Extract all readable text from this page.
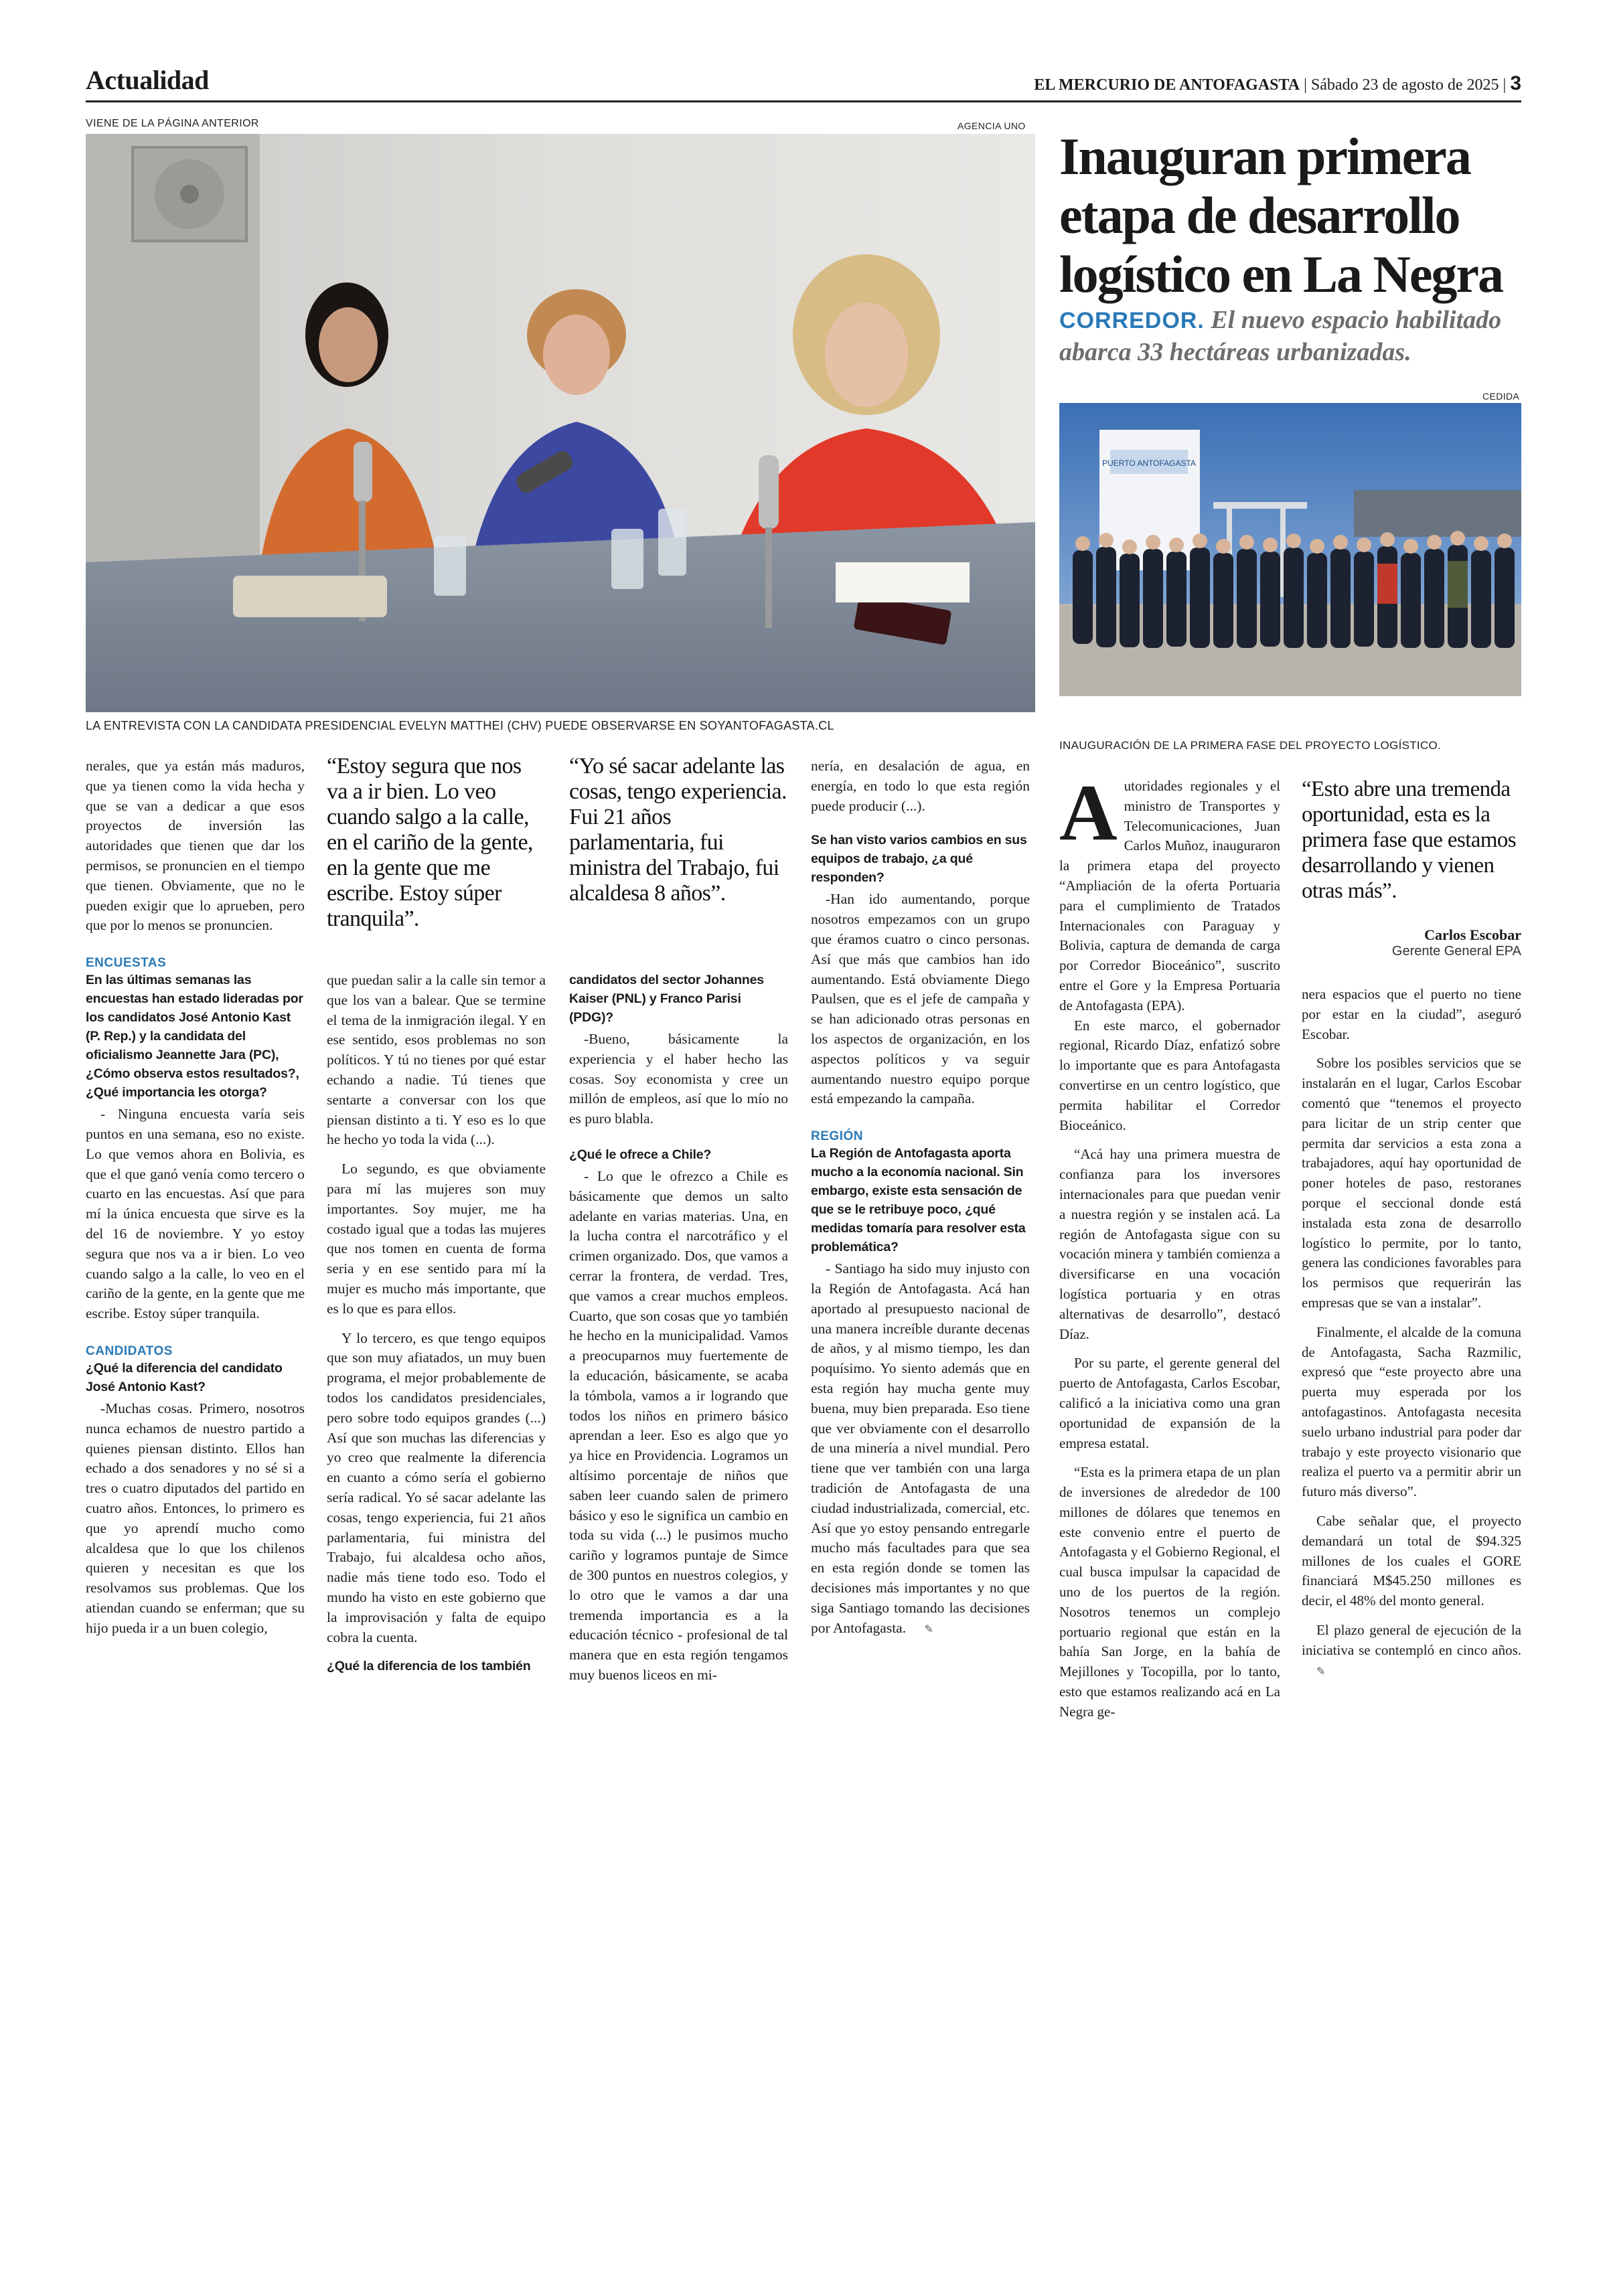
Actualidad	EL MERCURIO DE ANTOFAGASTA | Sábado 23 de agosto de 2025 | 3
VIENE DE LA PÁGINA ANTERIOR	AGENCIA UNO
LA ENTREVISTA CON LA CANDIDATA PRESIDENCIAL EVELYN MATTHEI (CHV) PUEDE OBSERVARSE EN SOYANTOFAGASTA.CL

nerales, que ya están más maduros, que ya tienen como la vida hecha y que se van a dedicar a que esos proyectos de inversión las autoridades que tienen que dar los permisos, se pronuncien en el tiempo que tienen. Obviamente, que no le pueden exigir que lo aprueben, pero que por lo menos se pronuncien.

ENCUESTAS
En las últimas semanas las encuestas han estado lideradas por los candidatos José Antonio Kast (P. Rep.) y la candidata del oficialismo Jeannette Jara (PC), ¿Cómo observa estos resultados?, ¿Qué importancia les otorga?

- Ninguna encuesta varía seis puntos en una semana, eso no existe. Lo que vemos ahora en Bolivia, es que el que ganó venía como tercero o cuarto en las encuestas. Así que para mí la única encuesta que sirve es la del 16 de noviembre. Y yo estoy segura que nos va a ir bien. Lo veo cuando salgo a la calle, lo veo en el cariño de la gente, en la gente que me escribe. Estoy súper tranquila.

CANDIDATOS
¿Qué la diferencia del candidato José Antonio Kast?

-Muchas cosas. Primero, nosotros nunca echamos de nuestro partido a quienes piensan distinto. Ellos han echado a dos senadores y no sé si a tres o cuatro diputados del partido en cuatro años. Entonces, lo primero es que yo aprendí mucho como alcaldesa que lo que los chilenos quieren y necesitan es que los resolvamos sus problemas. Que los atiendan cuando se enferman; que su hijo pueda ir a un buen colegio,

“Estoy segura que nos va a ir bien. Lo veo cuando salgo a la calle, en el cariño de la gente, en la gente que me escribe. Estoy súper tranquila”.

que puedan salir a la calle sin temor a que los van a balear. Que se termine el tema de la inmigración ilegal. Y en ese sentido, esos problemas no son políticos. Y tú no tienes por qué estar echando a nadie. Tú tienes que sentarte a conversar con los que piensan distinto a ti. Y eso es lo que he hecho yo toda la vida (...).

Lo segundo, es que obviamente para mí las mujeres son muy importantes. Soy mujer, me ha costado igual que a todas las mujeres que nos tomen en cuenta de forma seria y en ese sentido para mí la mujer es mucho más importante, que es lo que es para ellos.

Y lo tercero, es que tengo equipos que son muy afiatados, un muy buen programa, el mejor probablemente de todos los candidatos presidenciales, pero sobre todo equipos grandes (...) Así que son muchas las diferencias y yo creo que realmente la diferencia en cuanto a cómo sería el gobierno sería radical. Yo sé sacar adelante las cosas, tengo experiencia, fui 21 años parlamentaria, fui ministra del Trabajo, fui alcaldesa ocho años, nadie más tiene todo eso. Todo el mundo ha visto en este gobierno que la improvisación y falta de equipo cobra la cuenta.

¿Qué la diferencia de los también
“Yo sé sacar adelante las cosas, tengo experiencia. Fui 21 años parlamentaria, fui ministra del Trabajo, fui alcaldesa 8 años”.
candidatos del sector Johannes Kaiser (PNL) y Franco Parisi (PDG)?

-Bueno, básicamente la experiencia y el haber hecho las cosas. Soy economista y cree un millón de empleos, así que lo mío no es puro blabla.

¿Qué le ofrece a Chile?

- Lo que le ofrezco a Chile es básicamente que demos un salto adelante en varias materias. Una, en la lucha contra el narcotráfico y el crimen organizado. Dos, que vamos a cerrar la frontera, de verdad. Tres, que vamos a crear muchos empleos. Cuarto, que son cosas que yo también he hecho en la municipalidad. Vamos a preocuparnos muy fuertemente de la educación, básicamente, se acaba la tómbola, vamos a ir logrando que todos los niños en primero básico aprendan a leer. Eso es algo que yo ya hice en Providencia. Logramos un altísimo porcentaje de niños que saben leer cuando salen de primero básico y eso le significa un cambio en toda su vida (...) le pusimos mucho cariño y logramos puntaje de Simce de 300 puntos en nuestros colegios, y lo otro que le vamos a dar una tremenda importancia es a la educación técnico - profesional de tal manera que en esta región tengamos muy buenos liceos en mi-

nería, en desalación de agua, en energía, en todo lo que esta región puede producir (...).

Se han visto varios cambios en sus equipos de trabajo, ¿a qué responden?

-Han ido aumentando, porque nosotros empezamos con un grupo que éramos cuatro o cinco personas. Así que más que cambios han ido aumentando. Está obviamente Diego Paulsen, que es el jefe de campaña y se han adicionado otras personas en los aspectos de organización, en los aspectos políticos y va seguir aumentando nuestro equipo porque está empezando la campaña.

REGIÓN
La Región de Antofagasta aporta mucho a la economía nacional. Sin embargo, existe esta sensación de que se le retribuye poco, ¿qué medidas tomaría para resolver esta problemática?

- Santiago ha sido muy injusto con la Región de Antofagasta. Acá han aportado al presupuesto nacional de una manera increíble durante decenas de años, y al mismo tiempo, les dan poquísimo. Yo siento además que en esta región hay mucha gente muy buena, muy bien preparada. Eso tiene que ver obviamente con el desarrollo de una minería a nivel mundial. Pero tiene que ver también con una larga tradición de Antofagasta de una ciudad industrializada, comercial, etc. Así que yo estoy pensando entregarle mucho más facultades para que sea en esta región donde se tomen las decisiones más importantes y no que siga Santiago tomando las decisiones por Antofagasta. ✎

Inauguran primera etapa de desarrollo logístico en La Negra
CORREDOR. El nuevo espacio habilitado abarca 33 hectáreas urbanizadas.
CEDIDA
PUERTO ANTOFAGASTA
INAUGURACIÓN DE LA PRIMERA FASE DEL PROYECTO LOGÍSTICO.

Autoridades regionales y el ministro de Transportes y Telecomunicaciones, Juan Carlos Muñoz, inauguraron la primera etapa del proyecto “Ampliación de la oferta Portuaria para el cumplimiento de Tratados Internacionales con Paraguay y Bolivia, captura de demanda de carga por Corredor Bioceánico”, suscrito entre el Gore y la Empresa Portuaria de Antofagasta (EPA).

En este marco, el gobernador regional, Ricardo Díaz, enfatizó sobre lo importante que es para Antofagasta convertirse en un centro logístico, que permita habilitar el Corredor Bioceánico.

“Acá hay una primera muestra de confianza para los inversores internacionales para que puedan venir a nuestra región y se instalen acá. La región de Antofagasta sigue con su vocación minera y también comienza a diversificarse en una vocación logística portuaria y en otras alternativas de desarrollo”, destacó Díaz.

Por su parte, el gerente general del puerto de Antofagasta, Carlos Escobar, calificó a la iniciativa como una gran oportunidad de expansión de la empresa estatal.

“Esta es la primera etapa de un plan de inversiones de alrededor de 100 millones de dólares que tenemos en este convenio entre el puerto de Antofagasta y el Gobierno Regional, el cual busca impulsar la capacidad de uno de los puertos de la región. Nosotros tenemos un complejo portuario regional que están en la bahía San Jorge, en la bahía de Mejillones y Tocopilla, por lo tanto, esto que estamos realizando acá en La Negra ge-

“Esto abre una tremenda oportunidad, esta es la primera fase que estamos desarrollando y vienen otras más”.
Carlos Escobar
Gerente General EPA

nera espacios que el puerto no tiene por estar en la ciudad”, aseguró Escobar.

Sobre los posibles servicios que se instalarán en el lugar, Carlos Escobar comentó que “tenemos el proyecto para licitar de un strip center que permita dar servicios a esta zona a trabajadores, aquí hay oportunidad de poner hoteles de paso, restoranes porque el seccional donde está instalada esta zona de desarrollo logístico lo permite, por lo tanto, genera las condiciones favorables para los permisos que requerirán las empresas que se van a instalar”.

Finalmente, el alcalde de la comuna de Antofagasta, Sacha Razmilic, expresó que “este proyecto abre una puerta muy esperada por los antofagastinos. Antofagasta necesita suelo urbano industrial para poder dar trabajo y este proyecto visionario que realiza el puerto va a permitir abrir un futuro más diverso”.

Cabe señalar que, el proyecto demandará un total de $94.325 millones de los cuales el GORE financiará M$45.250 millones es decir, el 48% del monto general.

El plazo general de ejecución de la iniciativa se contempló en cinco años. ✎
